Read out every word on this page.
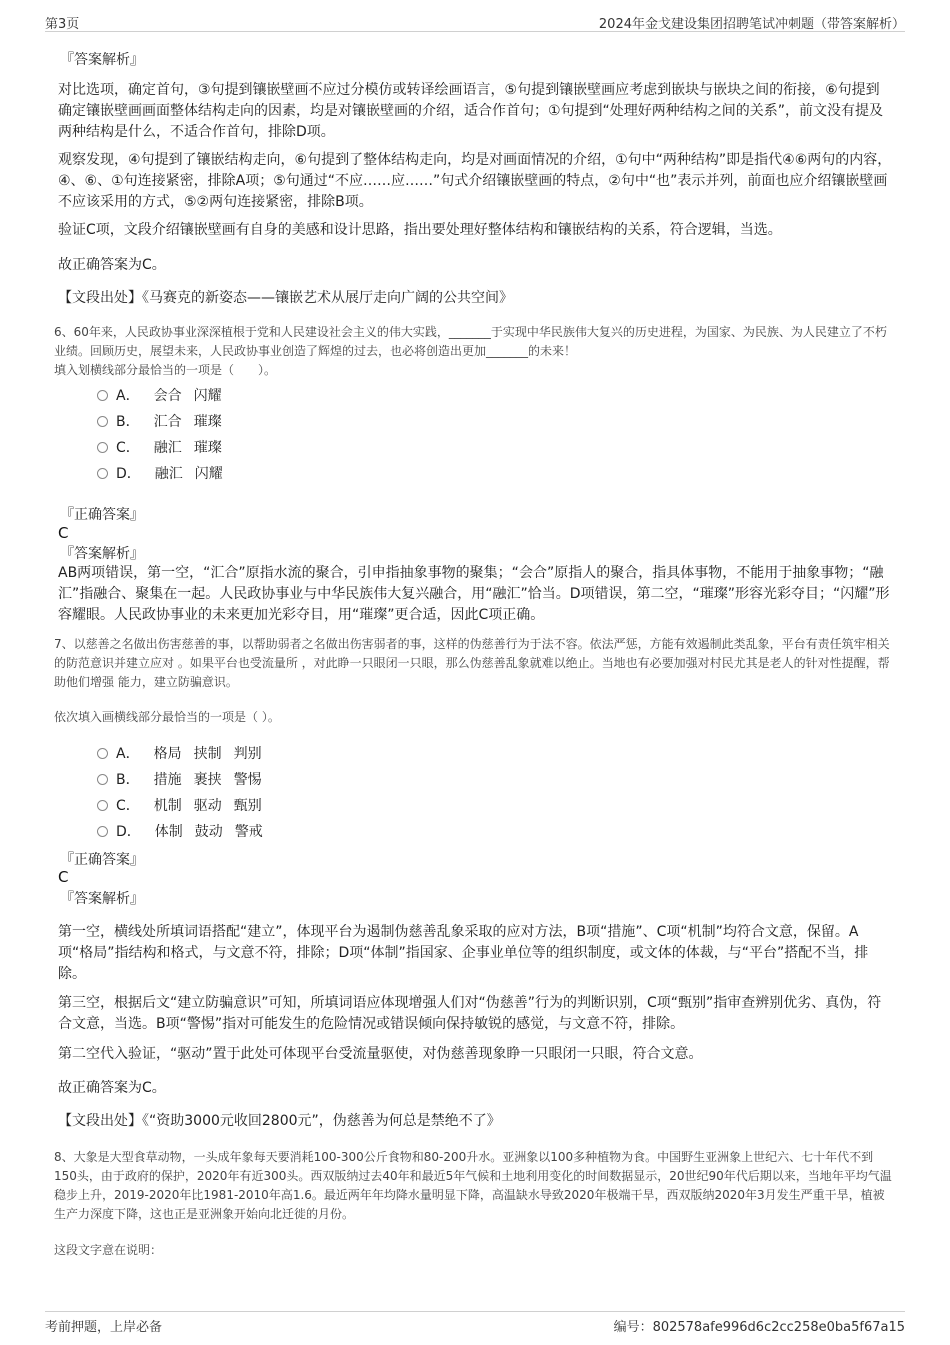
第3页	2024年金戈建设集团招聘笔试冲刺题（带答案解析）
『答案解析』
对比选项，确定首句，③句提到镶嵌壁画不应过分模仿或转译绘画语言，⑤句提到镶嵌壁画应考虑到嵌块与嵌块之间的衔接，⑥句提到确定镶嵌壁画画面整体结构走向的因素，均是对镶嵌壁画的介绍，适合作首句；①句提到“处理好两种结构之间的关系”，前文没有提及两种结构是什么，不适合作首句，排除D项。
观察发现，④句提到了镶嵌结构走向，⑥句提到了整体结构走向，均是对画面情况的介绍，①句中“两种结构”即是指代④⑥两句的内容，④、⑥、①句连接紧密，排除A项；⑤句通过“不应……应……”句式介绍镶嵌壁画的特点，②句中“也”表示并列，前面也应介绍镶嵌壁画不应该采用的方式，⑤②两句连接紧密，排除B项。
验证C项，文段介绍镶嵌壁画有自身的美感和设计思路，指出要处理好整体结构和镶嵌结构的关系，符合逻辑，当选。
故正确答案为C。
【文段出处】《马赛克的新姿态——镶嵌艺术从展厅走向广阔的公共空间》
6、60年来，人民政协事业深深植根于党和人民建设社会主义的伟大实践，_______于实现中华民族伟大复兴的历史进程，为国家、为民族、为人民建立了不朽业绩。回顾历史，展望未来，人民政协事业创造了辉煌的过去，也必将创造出更加_______的未来！
填入划横线部分最恰当的一项是（　　）。
A． 会合 闪耀
B． 汇合 璀璨
C． 融汇 璀璨
D． 融汇 闪耀
『正确答案』
C
『答案解析』
AB两项错误，第一空，“汇合”原指水流的聚合，引申指抽象事物的聚集；“会合”原指人的聚合，指具体事物，不能用于抽象事物；“融汇”指融合、聚集在一起。人民政协事业与中华民族伟大复兴融合，用“融汇”恰当。D项错误，第二空，“璀璨”形容光彩夺目；“闪耀”形容耀眼。人民政协事业的未来更加光彩夺目，用“璀璨”更合适，因此C项正确。
7、以慈善之名做出伤害慈善的事，以帮助弱者之名做出伤害弱者的事，这样的伪慈善行为于法不容。依法严惩，方能有效遏制此类乱象，平台有责任筑牢相关的防范意识并建立应对 。如果平台也受流量所 ，对此睁一只眼闭一只眼，那么伪慈善乱象就难以绝止。当地也有必要加强对村民尤其是老人的针对性提醒，帮助他们增强 能力，建立防骗意识。
依次填入画横线部分最恰当的一项是（ ）。
A． 格局 挟制 判别
B． 措施 裹挟 警惕
C． 机制 驱动 甄别
D． 体制 鼓动 警戒
『正确答案』
C
『答案解析』
第一空，横线处所填词语搭配“建立”，体现平台为遏制伪慈善乱象采取的应对方法，B项“措施”、C项“机制”均符合文意，保留。A项“格局”指结构和格式，与文意不符，排除；D项“体制”指国家、企事业单位等的组织制度，或文体的体裁，与“平台”搭配不当，排除。
第三空，根据后文“建立防骗意识”可知，所填词语应体现增强人们对“伪慈善”行为的判断识别，C项“甄别”指审查辨别优劣、真伪，符合文意，当选。B项“警惕”指对可能发生的危险情况或错误倾向保持敏锐的感觉，与文意不符，排除。
第二空代入验证，“驱动”置于此处可体现平台受流量驱使，对伪慈善现象睁一只眼闭一只眼，符合文意。
故正确答案为C。
【文段出处】《“资助3000元收回2800元”，伪慈善为何总是禁绝不了》
8、大象是大型食草动物，一头成年象每天要消耗100-300公斤食物和80-200升水。亚洲象以100多种植物为食。中国野生亚洲象上世纪六、七十年代不到150头，由于政府的保护，2020年有近300头。西双版纳过去40年和最近5年气候和土地利用变化的时间数据显示，20世纪90年代后期以来，当地年平均气温稳步上升，2019-2020年比1981-2010年高1.6。最近两年年均降水量明显下降，高温缺水导致2020年极端干旱，西双版纳2020年3月发生严重干旱，植被生产力深度下降，这也正是亚洲象开始向北迁徙的月份。
这段文字意在说明：
考前押题，上岸必备	编号：802578afe996d6c2cc258e0ba5f67a15
